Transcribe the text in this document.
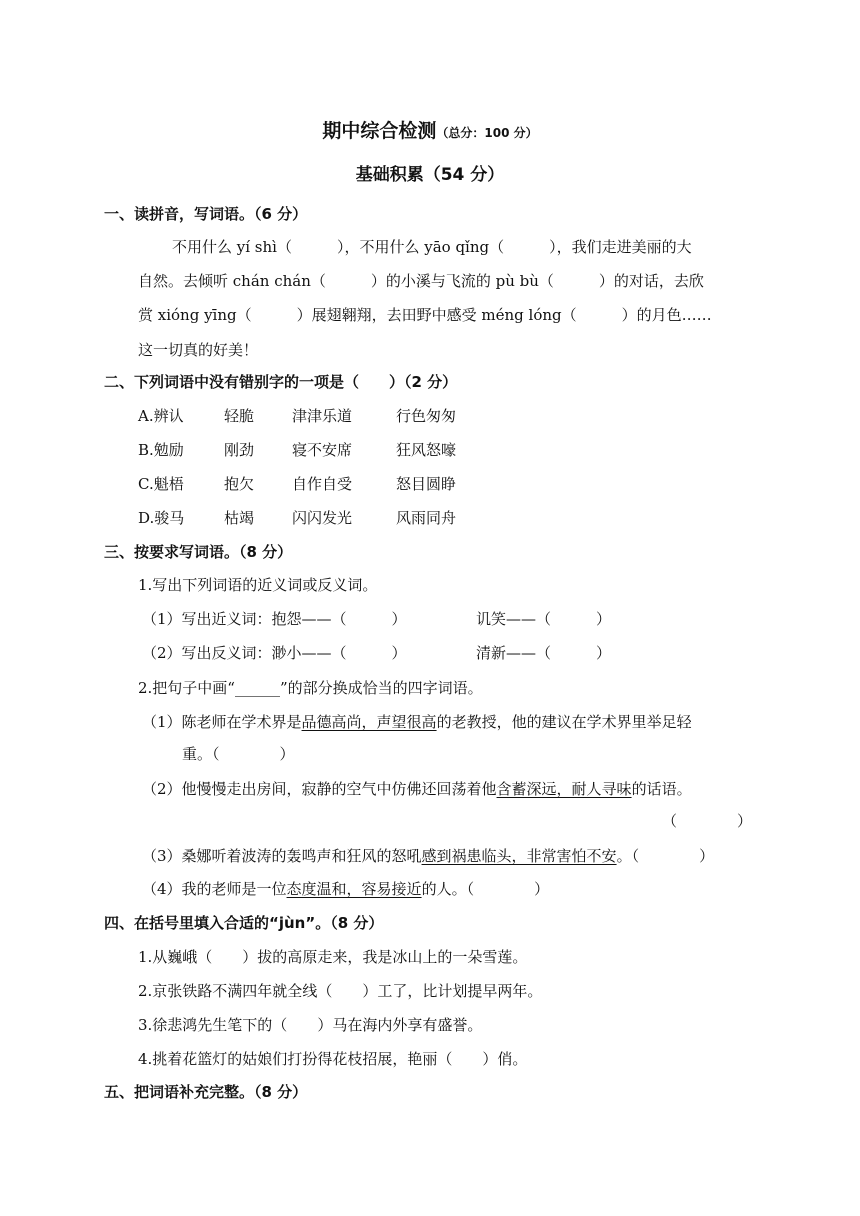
期中综合检测（总分：100 分）
基础积累（54 分）
一、读拼音，写词语。（6 分）
不用什么 yí shì（　　　），不用什么 yāo qǐng（　　　），我们走进美丽的大
自然。去倾听 chán chán（　　　）的小溪与飞流的 pù bù（　　　）的对话，去欣
赏 xióng yīng（　　　）展翅翱翔，去田野中感受 méng lóng（　　　）的月色……
这一切真的好美！
二、下列词语中没有错别字的一项是（　　）（2 分）
A.辨认	轻脆	津津乐道	行色匆匆
B.勉励	刚劲	寝不安席	狂风怒嚎
C.魁梧	抱欠	自作自受	怒目圆睁
D.骏马	枯竭	闪闪发光	风雨同舟
三、按要求写词语。（8 分）
1.写出下列词语的近义词或反义词。
（1）写出近义词：抱怨——（　　　）	讥笑——（　　　）
（2）写出反义词：渺小——（　　　）	清新——（　　　）
2.把句子中画“______”的部分换成恰当的四字词语。
（1）陈老师在学术界是品德高尚，声望很高的老教授，他的建议在学术界里举足轻
重。（　　　　）
（2）他慢慢走出房间，寂静的空气中仿佛还回荡着他含蓄深远，耐人寻味的话语。
（　　　　）
（3）桑娜听着波涛的轰鸣声和狂风的怒吼感到祸患临头，非常害怕不安。（　　　　）
（4）我的老师是一位态度温和，容易接近的人。（　　　　）
四、在括号里填入合适的“jùn”。（8 分）
1.从巍峨（　　）拔的高原走来，我是冰山上的一朵雪莲。
2.京张铁路不满四年就全线（　　）工了，比计划提早两年。
3.徐悲鸿先生笔下的（　　）马在海内外享有盛誉。
4.挑着花篮灯的姑娘们打扮得花枝招展，艳丽（　　）俏。
五、把词语补充完整。（8 分）
